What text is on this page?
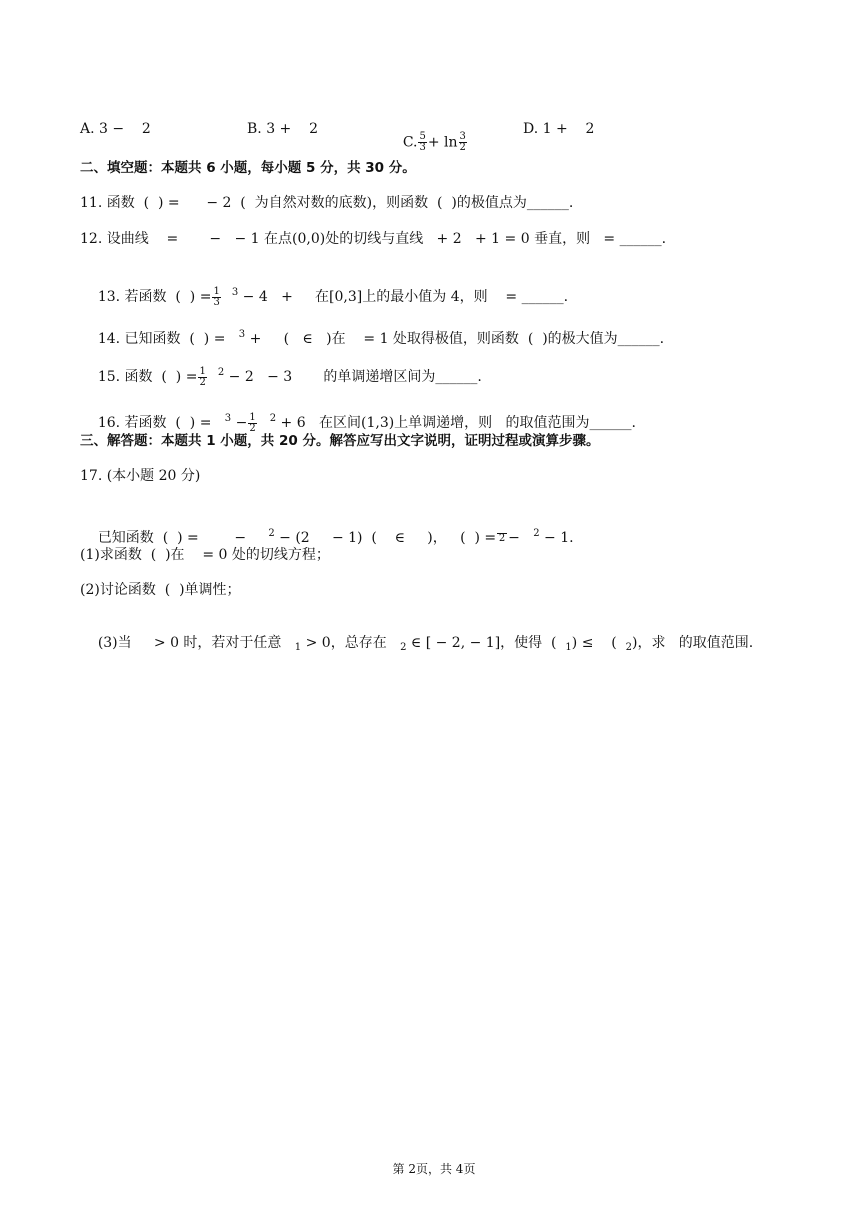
A. 3 −    2	B. 3 +    2

C. $\frac{5}{3} + \ln \frac{3}{2}$

D. 1 +    2
二、填空题：本题共 6 小题，每小题 5 分，共 30 分。
11. 函数  (  ) =      − 2  (  为自然对数的底数)，则函数  (  )的极值点为______.
12. 设曲线    =       −   − 1 在点(0,0)处的切线与直线   + 2   + 1 = 0 垂直，则   = ______.

13. 若函数  (  ) = $\frac{1}{3} ^3 - 4$   +     在[0,3]上的最小值为 4，则    = ______.

14. 已知函数  (  ) =   $^3$ +     (   ∈   )在    = 1 处取得极值，则函数  (  )的极大值为______.

15. 函数  (  ) = $\frac{1}{2} ^2 - 2 - 3$       的单调递增区间为______.

16. 若函数  (  ) =   $^3 - \frac{1}{2} ^2 + 6$   在区间(1,3)上单调递增，则   的取值范围为______.

三、解答题：本题共 1 小题，共 20 分。解答应写出文字说明，证明过程或演算步骤。
17. (本小题 20 分)

已知函数  (  ) =        −     $^2$ − (2     − 1)  (    ∈     )，   (  ) = 2 −   $^2$ − 1.

(1)求函数  (  )在    = 0 处的切线方程；
(2)讨论函数  (  )单调性；

(3)当     > 0 时，若对于任意   $_1$ > 0，总存在   $_2$ ∈ [ − 2, − 1]，使得  (  $_1$) ≤    (  $_2$)，求   的取值范围.

第 2页，共 4页
